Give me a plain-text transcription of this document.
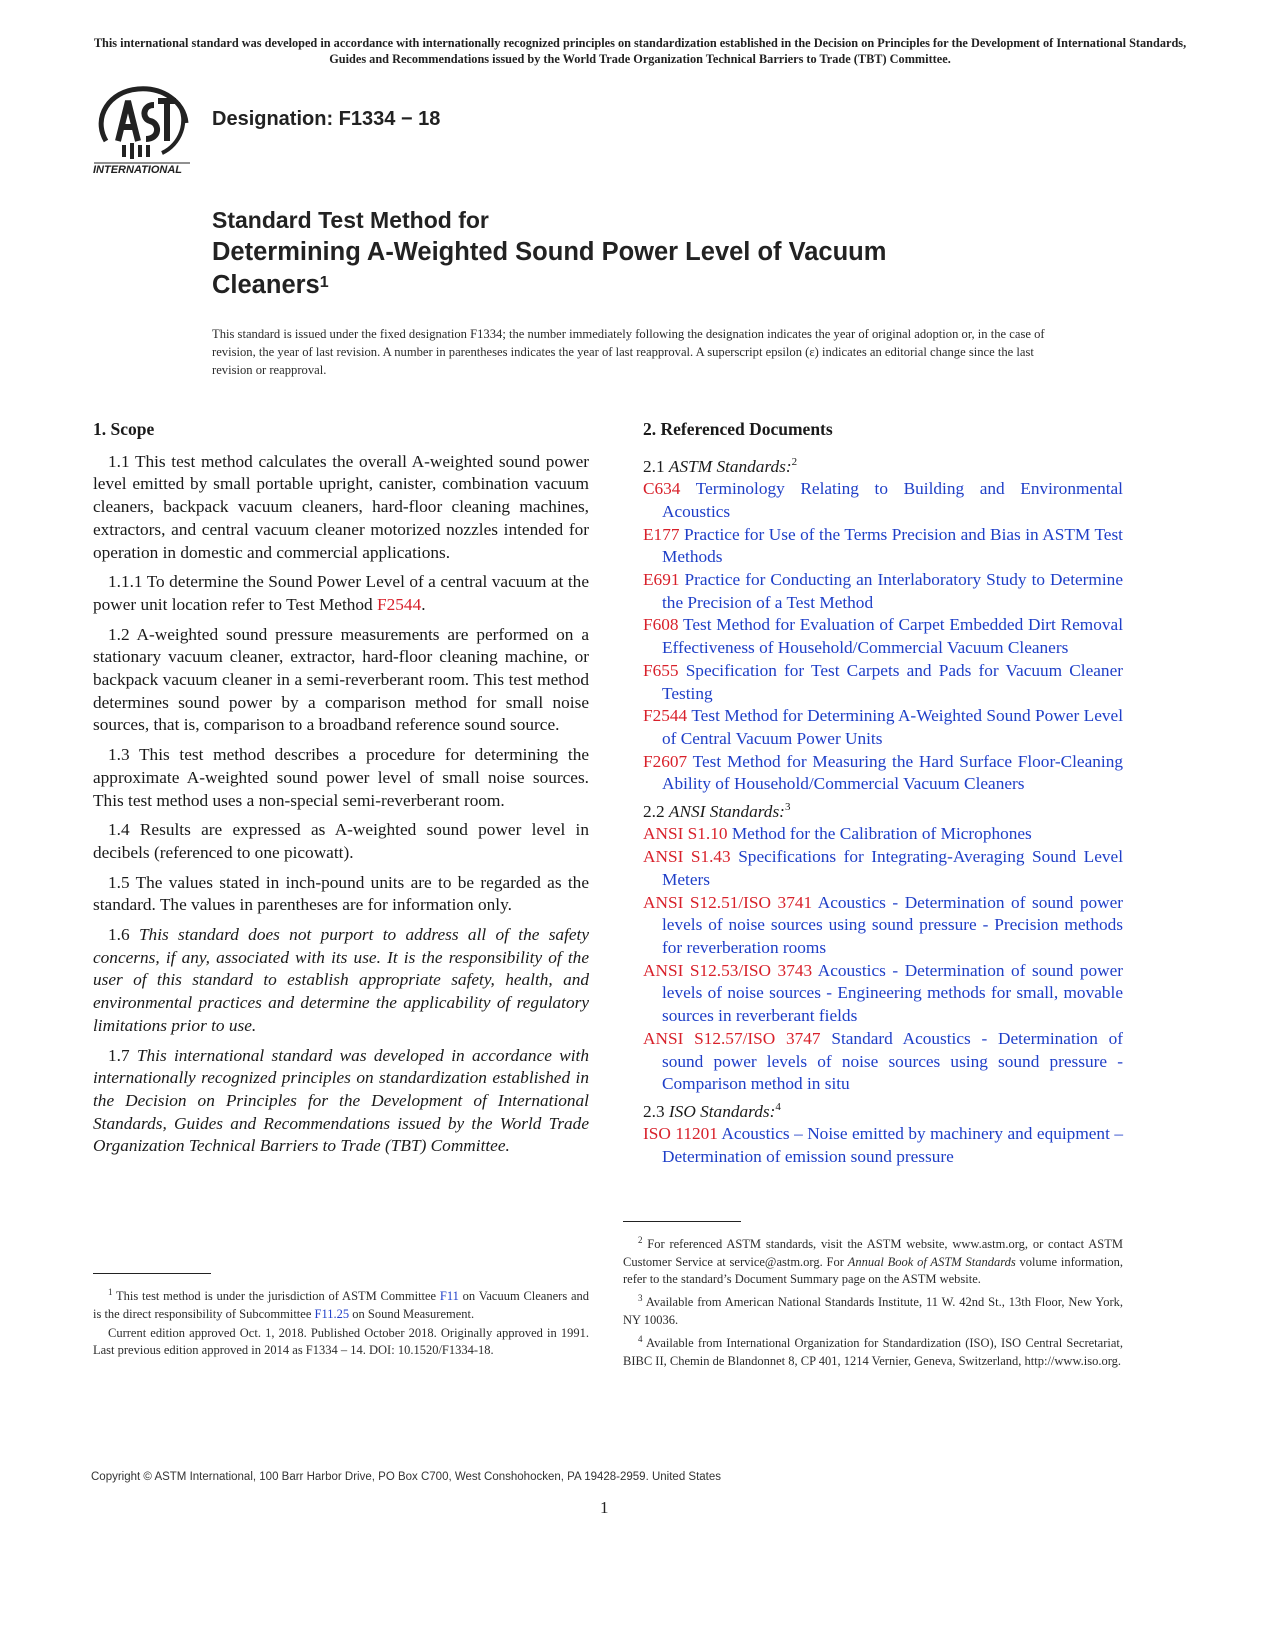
This international standard was developed in accordance with internationally recognized principles on standardization established in the Decision on Principles for the Development of International Standards, Guides and Recommendations issued by the World Trade Organization Technical Barriers to Trade (TBT) Committee.
INTERNATIONAL
Designation: F1334 − 18
Standard Test Method for
Determining A-Weighted Sound Power Level of Vacuum
Cleaners$^1$
This standard is issued under the fixed designation F1334; the number immediately following the designation indicates the year of original adoption or, in the case of revision, the year of last revision. A number in parentheses indicates the year of last reapproval. A superscript epsilon (ε) indicates an editorial change since the last revision or reapproval.
1. Scope
1.1 This test method calculates the overall A-weighted sound power level emitted by small portable upright, canister, combination vacuum cleaners, backpack vacuum cleaners, hard-floor cleaning machines, extractors, and central vacuum cleaner motorized nozzles intended for operation in domestic and commercial applications.
1.1.1 To determine the Sound Power Level of a central vacuum at the power unit location refer to Test Method F2544.
1.2 A-weighted sound pressure measurements are performed on a stationary vacuum cleaner, extractor, hard-floor cleaning machine, or backpack vacuum cleaner in a semi-reverberant room. This test method determines sound power by a comparison method for small noise sources, that is, comparison to a broadband reference sound source.
1.3 This test method describes a procedure for determining the approximate A-weighted sound power level of small noise sources. This test method uses a non-special semi-reverberant room.
1.4 Results are expressed as A-weighted sound power level in decibels (referenced to one picowatt).
1.5 The values stated in inch-pound units are to be regarded as the standard. The values in parentheses are for information only.
1.6 This standard does not purport to address all of the safety concerns, if any, associated with its use. It is the responsibility of the user of this standard to establish appropriate safety, health, and environmental practices and determine the applicability of regulatory limitations prior to use.
1.7 This international standard was developed in accordance with internationally recognized principles on standardization established in the Decision on Principles for the Development of International Standards, Guides and Recommendations issued by the World Trade Organization Technical Barriers to Trade (TBT) Committee.
2. Referenced Documents
2.1 ASTM Standards:$^2$
C634 Terminology Relating to Building and Environmental Acoustics
E177 Practice for Use of the Terms Precision and Bias in ASTM Test Methods
E691 Practice for Conducting an Interlaboratory Study to Determine the Precision of a Test Method
F608 Test Method for Evaluation of Carpet Embedded Dirt Removal Effectiveness of Household/Commercial Vacuum Cleaners
F655 Specification for Test Carpets and Pads for Vacuum Cleaner Testing
F2544 Test Method for Determining A-Weighted Sound Power Level of Central Vacuum Power Units
F2607 Test Method for Measuring the Hard Surface Floor-Cleaning Ability of Household/Commercial Vacuum Cleaners
2.2 ANSI Standards:$^3$
ANSI S1.10 Method for the Calibration of Microphones
ANSI S1.43 Specifications for Integrating-Averaging Sound Level Meters
ANSI S12.51/ISO 3741 Acoustics - Determination of sound power levels of noise sources using sound pressure - Precision methods for reverberation rooms
ANSI S12.53/ISO 3743 Acoustics - Determination of sound power levels of noise sources - Engineering methods for small, movable sources in reverberant fields
ANSI S12.57/ISO 3747 Standard Acoustics - Determination of sound power levels of noise sources using sound pressure - Comparison method in situ
2.3 ISO Standards:$^4$
ISO 11201 Acoustics – Noise emitted by machinery and equipment – Determination of emission sound pressure

$^1$ This test method is under the jurisdiction of ASTM Committee F11 on Vacuum Cleaners and is the direct responsibility of Subcommittee F11.25 on Sound Measurement.

Current edition approved Oct. 1, 2018. Published October 2018. Originally approved in 1991. Last previous edition approved in 2014 as F1334 – 14. DOI: 10.1520/F1334-18.

$^2$ For referenced ASTM standards, visit the ASTM website, www.astm.org, or contact ASTM Customer Service at service@astm.org. For Annual Book of ASTM Standards volume information, refer to the standard’s Document Summary page on the ASTM website.

$^3$ Available from American National Standards Institute, 11 W. 42nd St., 13th Floor, New York, NY 10036.

$^4$ Available from International Organization for Standardization (ISO), ISO Central Secretariat, BIBC II, Chemin de Blandonnet 8, CP 401, 1214 Vernier, Geneva, Switzerland, http://www.iso.org.

Copyright © ASTM International, 100 Barr Harbor Drive, PO Box C700, West Conshohocken, PA 19428-2959. United States
1
